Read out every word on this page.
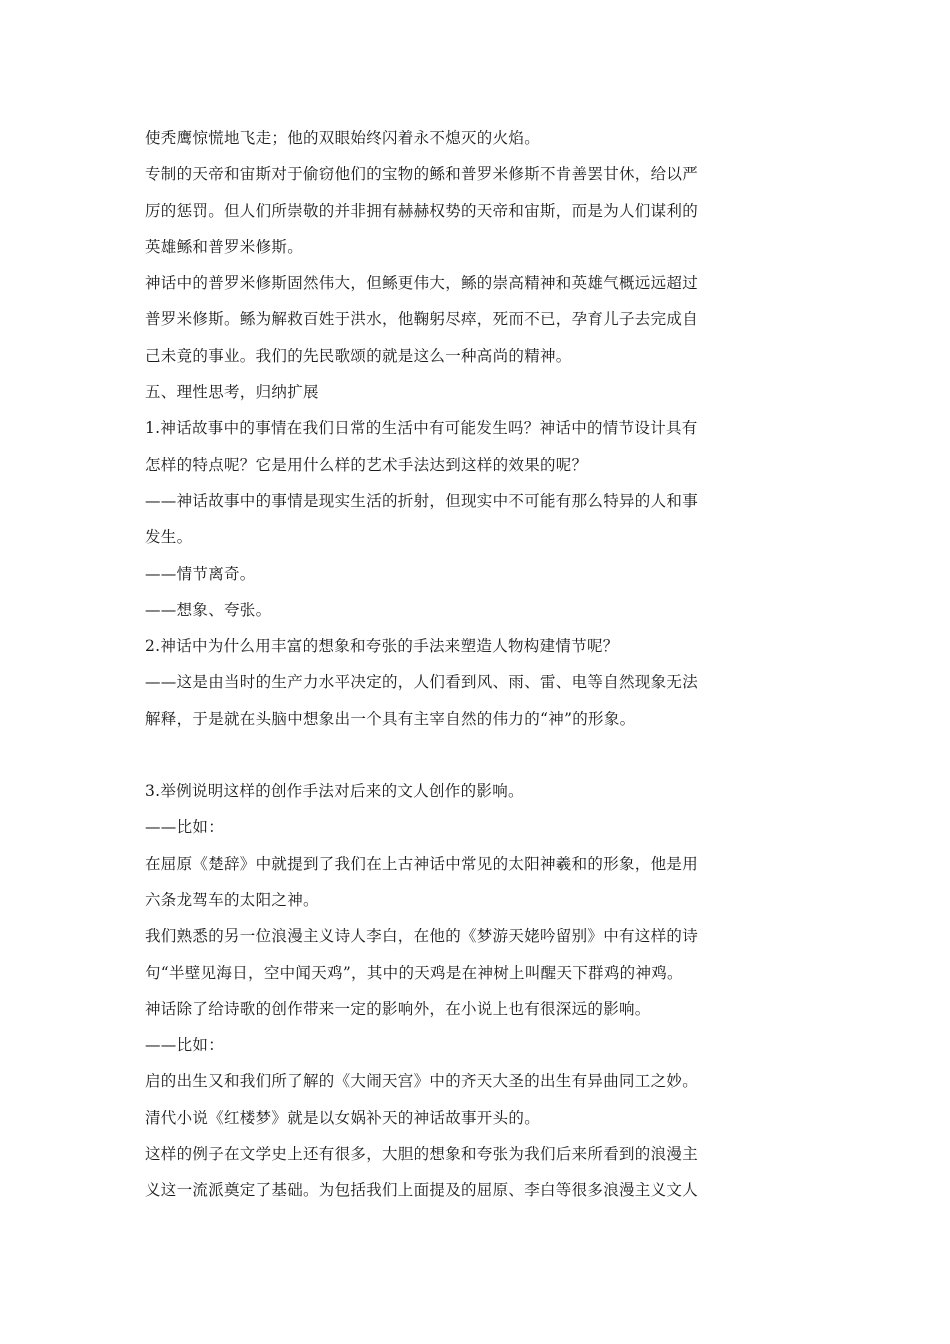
使秃鹰惊慌地飞走；他的双眼始终闪着永不熄灭的火焰。
专制的天帝和宙斯对于偷窃他们的宝物的鲧和普罗米修斯不肯善罢甘休，给以严
厉的惩罚。但人们所崇敬的并非拥有赫赫权势的天帝和宙斯，而是为人们谋利的
英雄鲧和普罗米修斯。
神话中的普罗米修斯固然伟大，但鲧更伟大，鲧的崇高精神和英雄气概远远超过
普罗米修斯。鲧为解救百姓于洪水，他鞠躬尽瘁，死而不已，孕育儿子去完成自
己未竟的事业。我们的先民歌颂的就是这么一种高尚的精神。
五、理性思考，归纳扩展
1.神话故事中的事情在我们日常的生活中有可能发生吗？神话中的情节设计具有
怎样的特点呢？它是用什么样的艺术手法达到这样的效果的呢？
——神话故事中的事情是现实生活的折射，但现实中不可能有那么特异的人和事
发生。
——情节离奇。
——想象、夸张。
2.神话中为什么用丰富的想象和夸张的手法来塑造人物构建情节呢？
——这是由当时的生产力水平决定的，人们看到风、雨、雷、电等自然现象无法
解释，于是就在头脑中想象出一个具有主宰自然的伟力的“神”的形象。
3.举例说明这样的创作手法对后来的文人创作的影响。
——比如：
在屈原《楚辞》中就提到了我们在上古神话中常见的太阳神羲和的形象，他是用
六条龙驾车的太阳之神。
我们熟悉的另一位浪漫主义诗人李白，在他的《梦游天姥吟留别》中有这样的诗
句“半壁见海日，空中闻天鸡”，其中的天鸡是在神树上叫醒天下群鸡的神鸡。
神话除了给诗歌的创作带来一定的影响外，在小说上也有很深远的影响。
——比如：
启的出生又和我们所了解的《大闹天宫》中的齐天大圣的出生有异曲同工之妙。
清代小说《红楼梦》就是以女娲补天的神话故事开头的。
这样的例子在文学史上还有很多，大胆的想象和夸张为我们后来所看到的浪漫主
义这一流派奠定了基础。为包括我们上面提及的屈原、李白等很多浪漫主义文人
